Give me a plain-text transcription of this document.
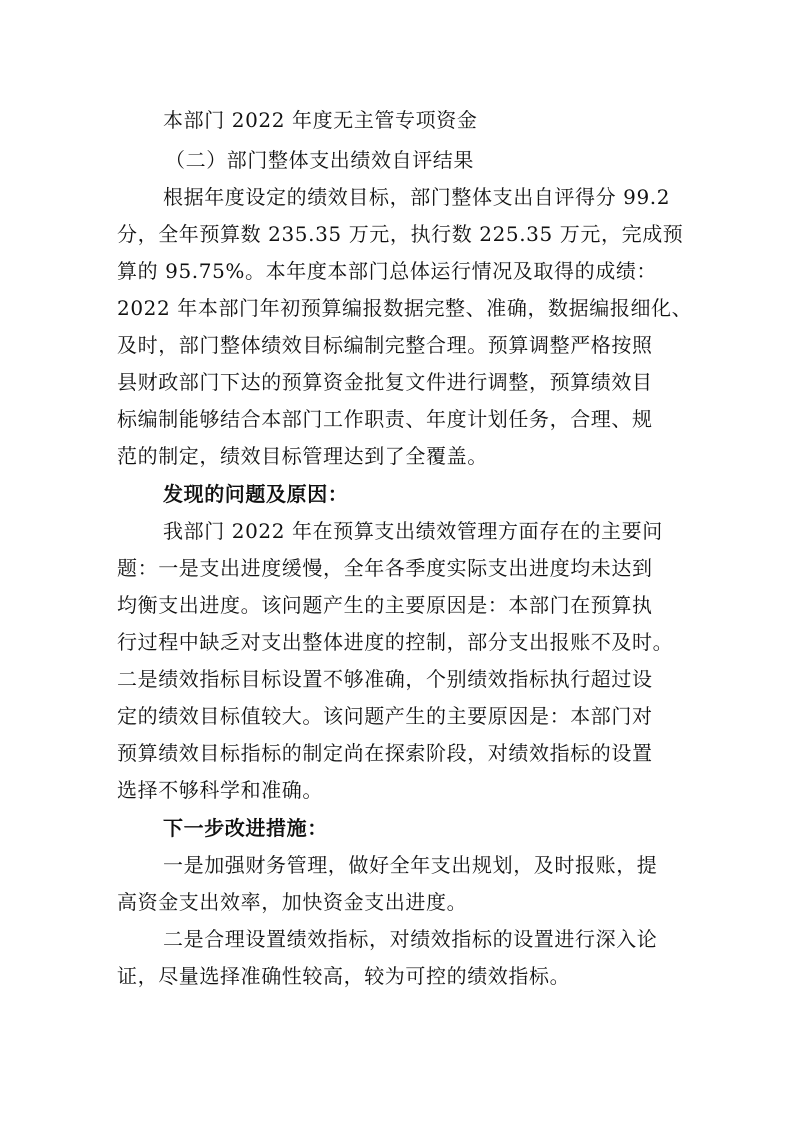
本部门 2022 年度无主管专项资金
（二）部门整体支出绩效自评结果
根据年度设定的绩效目标，部门整体支出自评得分 99.2
分，全年预算数 235.35 万元，执行数 225.35 万元，完成预
算的 95.75%。本年度本部门总体运行情况及取得的成绩：
2022 年本部门年初预算编报数据完整、准确，数据编报细化、
及时，部门整体绩效目标编制完整合理。预算调整严格按照
县财政部门下达的预算资金批复文件进行调整，预算绩效目
标编制能够结合本部门工作职责、年度计划任务，合理、规
范的制定，绩效目标管理达到了全覆盖。
发现的问题及原因：
我部门 2022 年在预算支出绩效管理方面存在的主要问
题：一是支出进度缓慢，全年各季度实际支出进度均未达到
均衡支出进度。该问题产生的主要原因是：本部门在预算执
行过程中缺乏对支出整体进度的控制，部分支出报账不及时。
二是绩效指标目标设置不够准确，个别绩效指标执行超过设
定的绩效目标值较大。该问题产生的主要原因是：本部门对
预算绩效目标指标的制定尚在探索阶段，对绩效指标的设置
选择不够科学和准确。
下一步改进措施：
一是加强财务管理，做好全年支出规划，及时报账，提
高资金支出效率，加快资金支出进度。
二是合理设置绩效指标，对绩效指标的设置进行深入论
证，尽量选择准确性较高，较为可控的绩效指标。
